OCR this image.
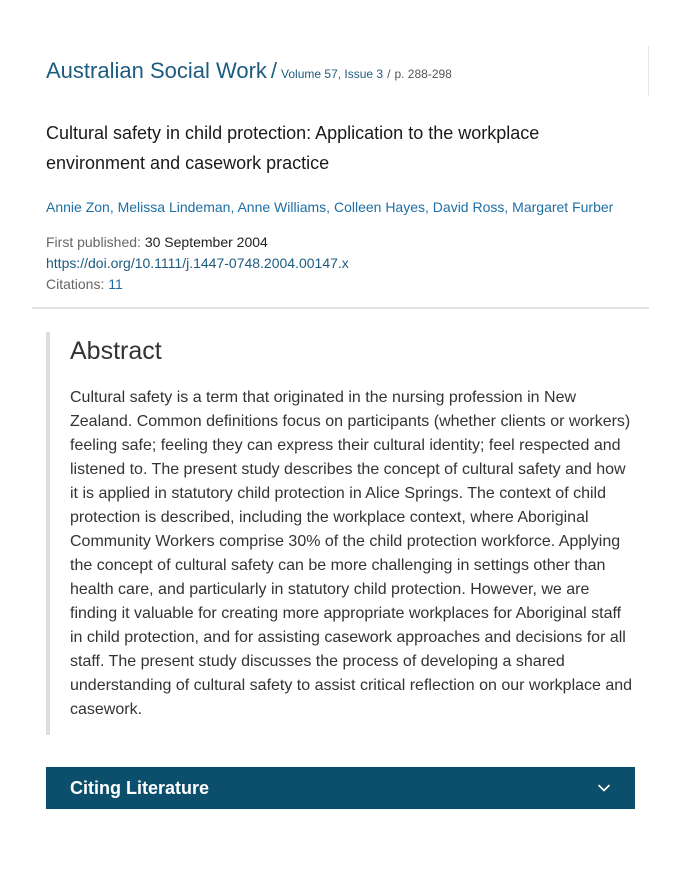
Australian Social Work / Volume 57, Issue 3 / p. 288-298
Cultural safety in child protection: Application to the workplace environment and casework practice
Annie Zon, Melissa Lindeman, Anne Williams, Colleen Hayes, David Ross, Margaret Furber
First published: 30 September 2004
https://doi.org/10.1111/j.1447-0748.2004.00147.x
Citations: 11
Abstract

Cultural safety is a term that originated in the nursing profession in New Zealand. Common definitions focus on participants (whether clients or workers) feeling safe; feeling they can express their cultural identity; feel respected and listened to. The present study describes the concept of cultural safety and how it is applied in statutory child protection in Alice Springs. The context of child protection is described, including the workplace context, where Aboriginal Community Workers comprise 30% of the child protection workforce. Applying the concept of cultural safety can be more challenging in settings other than health care, and particularly in statutory child protection. However, we are finding it valuable for creating more appropriate workplaces for Aboriginal staff in child protection, and for assisting casework approaches and decisions for all staff. The present study discusses the process of developing a shared understanding of cultural safety to assist critical reflection on our workplace and casework.

Citing Literature
